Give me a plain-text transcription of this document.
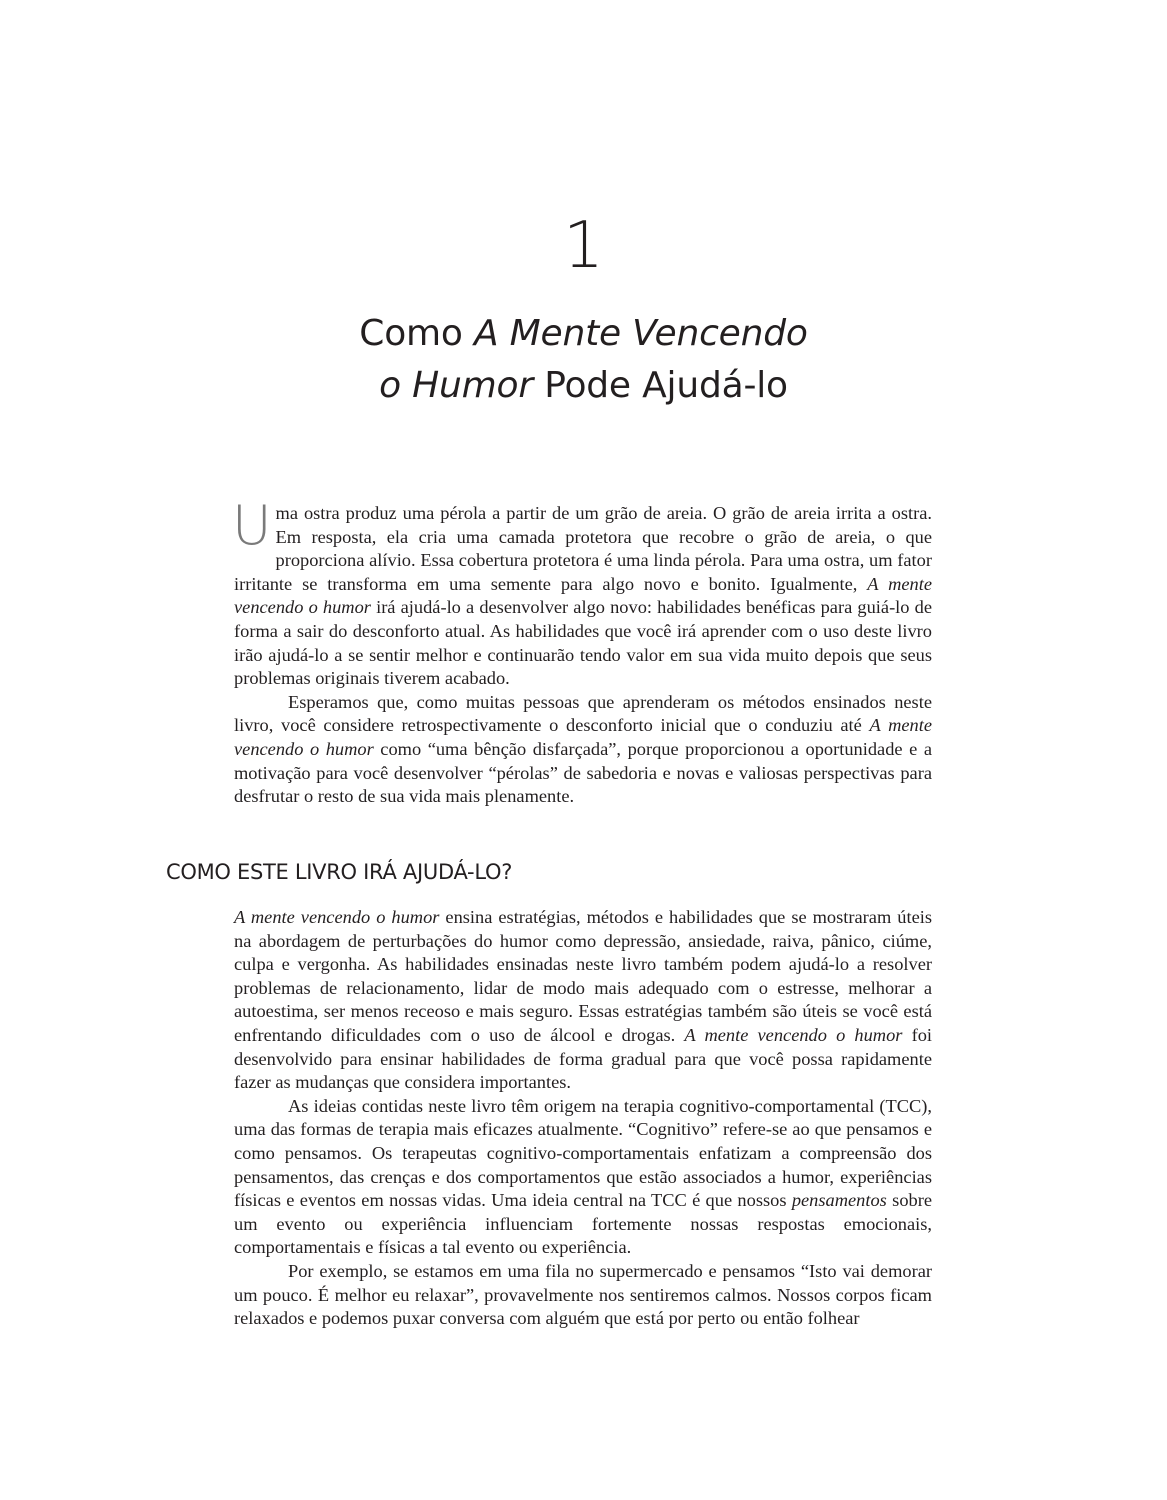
1
Como A Mente Vencendo
o Humor Pode Ajudá-lo

Uma ostra produz uma pérola a partir de um grão de areia. O grão de areia irrita a ostra. Em resposta, ela cria uma camada protetora que recobre o grão de areia, o que proporciona alívio. Essa cobertura protetora é uma linda pérola. Para uma ostra, um fator irritante se transforma em uma semente para algo novo e bonito. Igualmente, A mente vencendo o humor irá ajudá-lo a desenvolver algo novo: habilidades benéficas para guiá-lo de forma a sair do desconforto atual. As habilidades que você irá aprender com o uso deste livro irão ajudá-lo a se sentir melhor e continuarão tendo valor em sua vida muito depois que seus problemas originais tiverem acabado.

Esperamos que, como muitas pessoas que aprenderam os métodos ensinados neste livro, você considere retrospectivamente o desconforto inicial que o conduziu até A mente vencendo o humor como “uma bênção disfarçada”, porque proporcionou a oportunidade e a motivação para você desenvolver “pérolas” de sabedoria e novas e valiosas perspectivas para desfrutar o resto de sua vida mais plenamente.

COMO ESTE LIVRO IRÁ AJUDÁ-LO?

A mente vencendo o humor ensina estratégias, métodos e habilidades que se mostraram úteis na abordagem de perturbações do humor como depressão, ansiedade, raiva, pânico, ciúme, culpa e vergonha. As habilidades ensinadas neste livro também podem ajudá-lo a resolver problemas de relacionamento, lidar de modo mais adequado com o estresse, melhorar a autoestima, ser menos receoso e mais seguro. Essas estratégias também são úteis se você está enfrentando dificuldades com o uso de álcool e drogas. A mente vencendo o humor foi desenvolvido para ensinar habilidades de forma gradual para que você possa rapidamente fazer as mudanças que considera importantes.

As ideias contidas neste livro têm origem na terapia cognitivo-comportamental (TCC), uma das formas de terapia mais eficazes atualmente. “Cognitivo” refere-se ao que pensamos e como pensamos. Os terapeutas cognitivo-comportamentais enfatizam a compreensão dos pensamentos, das crenças e dos comportamentos que estão associados a humor, experiências físicas e eventos em nossas vidas. Uma ideia central na TCC é que nossos pensamentos sobre um evento ou experiência influenciam fortemente nossas respostas emocionais, comportamentais e físicas a tal evento ou experiência.

Por exemplo, se estamos em uma fila no supermercado e pensamos “Isto vai demorar um pouco. É melhor eu relaxar”, provavelmente nos sentiremos calmos. Nossos corpos ficam relaxados e podemos puxar conversa com alguém que está por perto ou então folhear
